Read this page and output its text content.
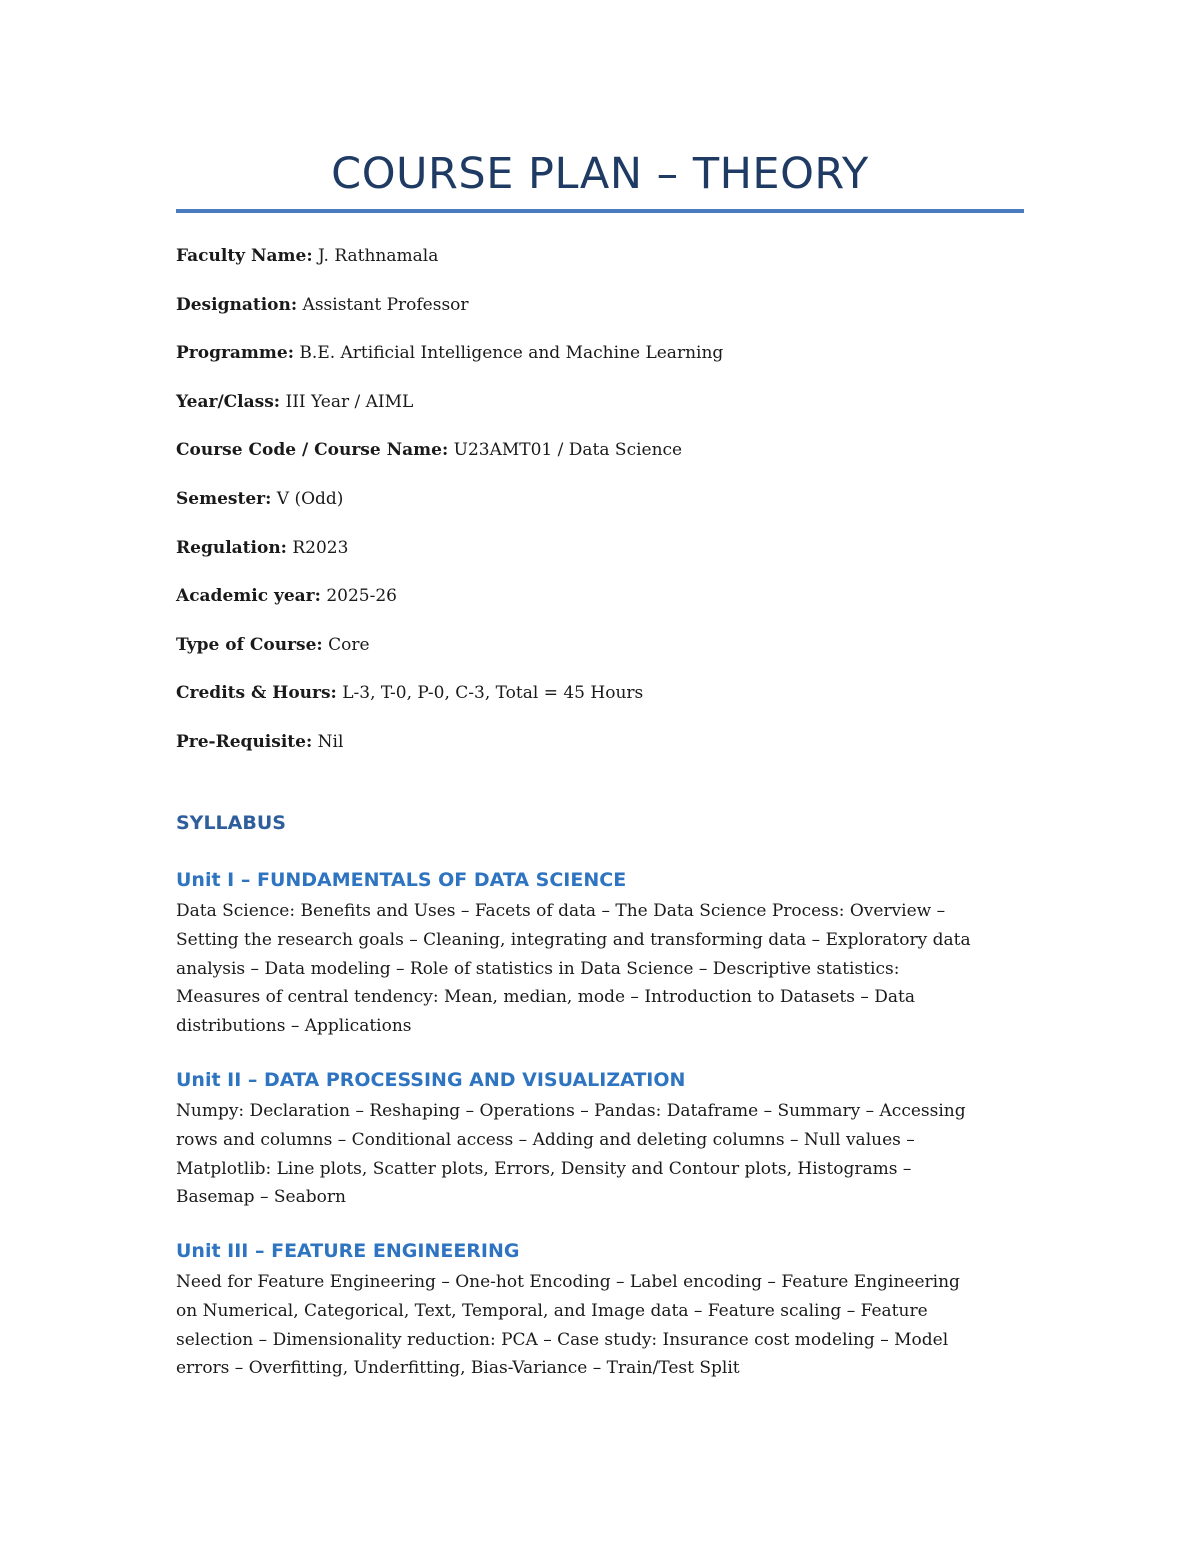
COURSE PLAN – THEORY
Faculty Name: J. Rathnamala
Designation: Assistant Professor
Programme: B.E. Artificial Intelligence and Machine Learning
Year/Class: III Year / AIML
Course Code / Course Name: U23AMT01 / Data Science
Semester: V (Odd)
Regulation: R2023
Academic year: 2025-26
Type of Course: Core
Credits & Hours: L-3, T-0, P-0, C-3, Total = 45 Hours
Pre-Requisite: Nil
SYLLABUS
Unit I – FUNDAMENTALS OF DATA SCIENCE
Data Science: Benefits and Uses – Facets of data – The Data Science Process: Overview –
Setting the research goals – Cleaning, integrating and transforming data – Exploratory data
analysis – Data modeling – Role of statistics in Data Science – Descriptive statistics:
Measures of central tendency: Mean, median, mode – Introduction to Datasets – Data
distributions – Applications
Unit II – DATA PROCESSING AND VISUALIZATION
Numpy: Declaration – Reshaping – Operations – Pandas: Dataframe – Summary – Accessing
rows and columns – Conditional access – Adding and deleting columns – Null values –
Matplotlib: Line plots, Scatter plots, Errors, Density and Contour plots, Histograms –
Basemap – Seaborn
Unit III – FEATURE ENGINEERING
Need for Feature Engineering – One-hot Encoding – Label encoding – Feature Engineering
on Numerical, Categorical, Text, Temporal, and Image data – Feature scaling – Feature
selection – Dimensionality reduction: PCA – Case study: Insurance cost modeling – Model
errors – Overfitting, Underfitting, Bias-Variance – Train/Test Split
